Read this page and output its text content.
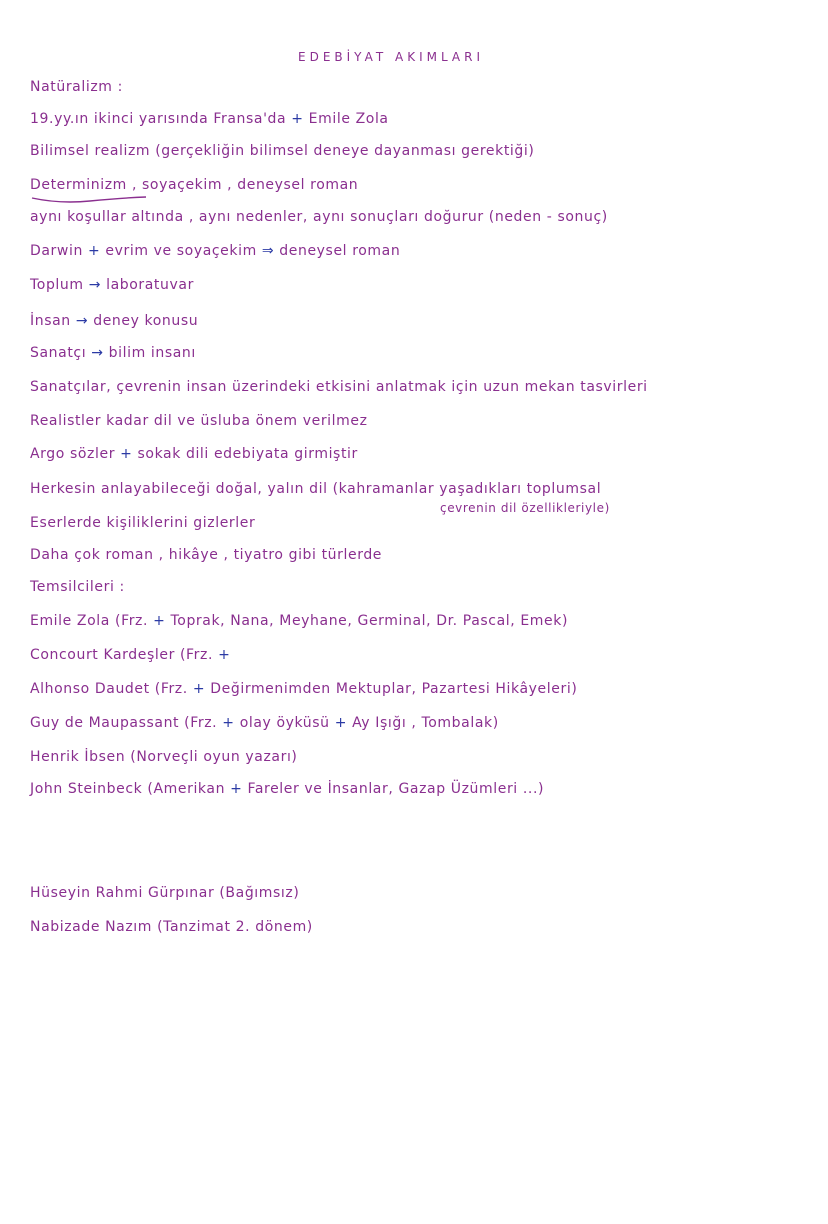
EDEBİYAT AKIMLARI
Natüralizm :
19.yy.ın ikinci yarısında Fransa'da + Emile Zola
Bilimsel realizm (gerçekliğin bilimsel deneye dayanması gerektiği)
Determinizm , soyaçekim , deneysel roman
aynı koşullar altında , aynı nedenler, aynı sonuçları doğurur (neden - sonuç)
Darwin + evrim ve soyaçekim ⇒ deneysel roman
Toplum → laboratuvar
İnsan → deney konusu
Sanatçı → bilim insanı
Sanatçılar, çevrenin insan üzerindeki etkisini anlatmak için uzun mekan tasvirleri
Realistler kadar dil ve üsluba önem verilmez
Argo sözler + sokak dili edebiyata girmiştir
Herkesin anlayabileceği doğal, yalın dil (kahramanlar yaşadıkları toplumsal
Eserlerde kişiliklerini gizlerler
Daha çok roman , hikâye , tiyatro gibi türlerde
Temsilcileri :
Emile Zola (Frz. + Toprak, Nana, Meyhane, Germinal, Dr. Pascal, Emek)
Concourt Kardeşler (Frz. +
Alhonso Daudet (Frz. + Değirmenimden Mektuplar, Pazartesi Hikâyeleri)
Guy de Maupassant (Frz. + olay öyküsü + Ay Işığı , Tombalak)
Henrik İbsen (Norveçli oyun yazarı)
John Steinbeck (Amerikan + Fareler ve İnsanlar, Gazap Üzümleri ...)
Hüseyin Rahmi Gürpınar (Bağımsız)
Nabizade Nazım (Tanzimat 2. dönem)
çevrenin dil özellikleriyle)
